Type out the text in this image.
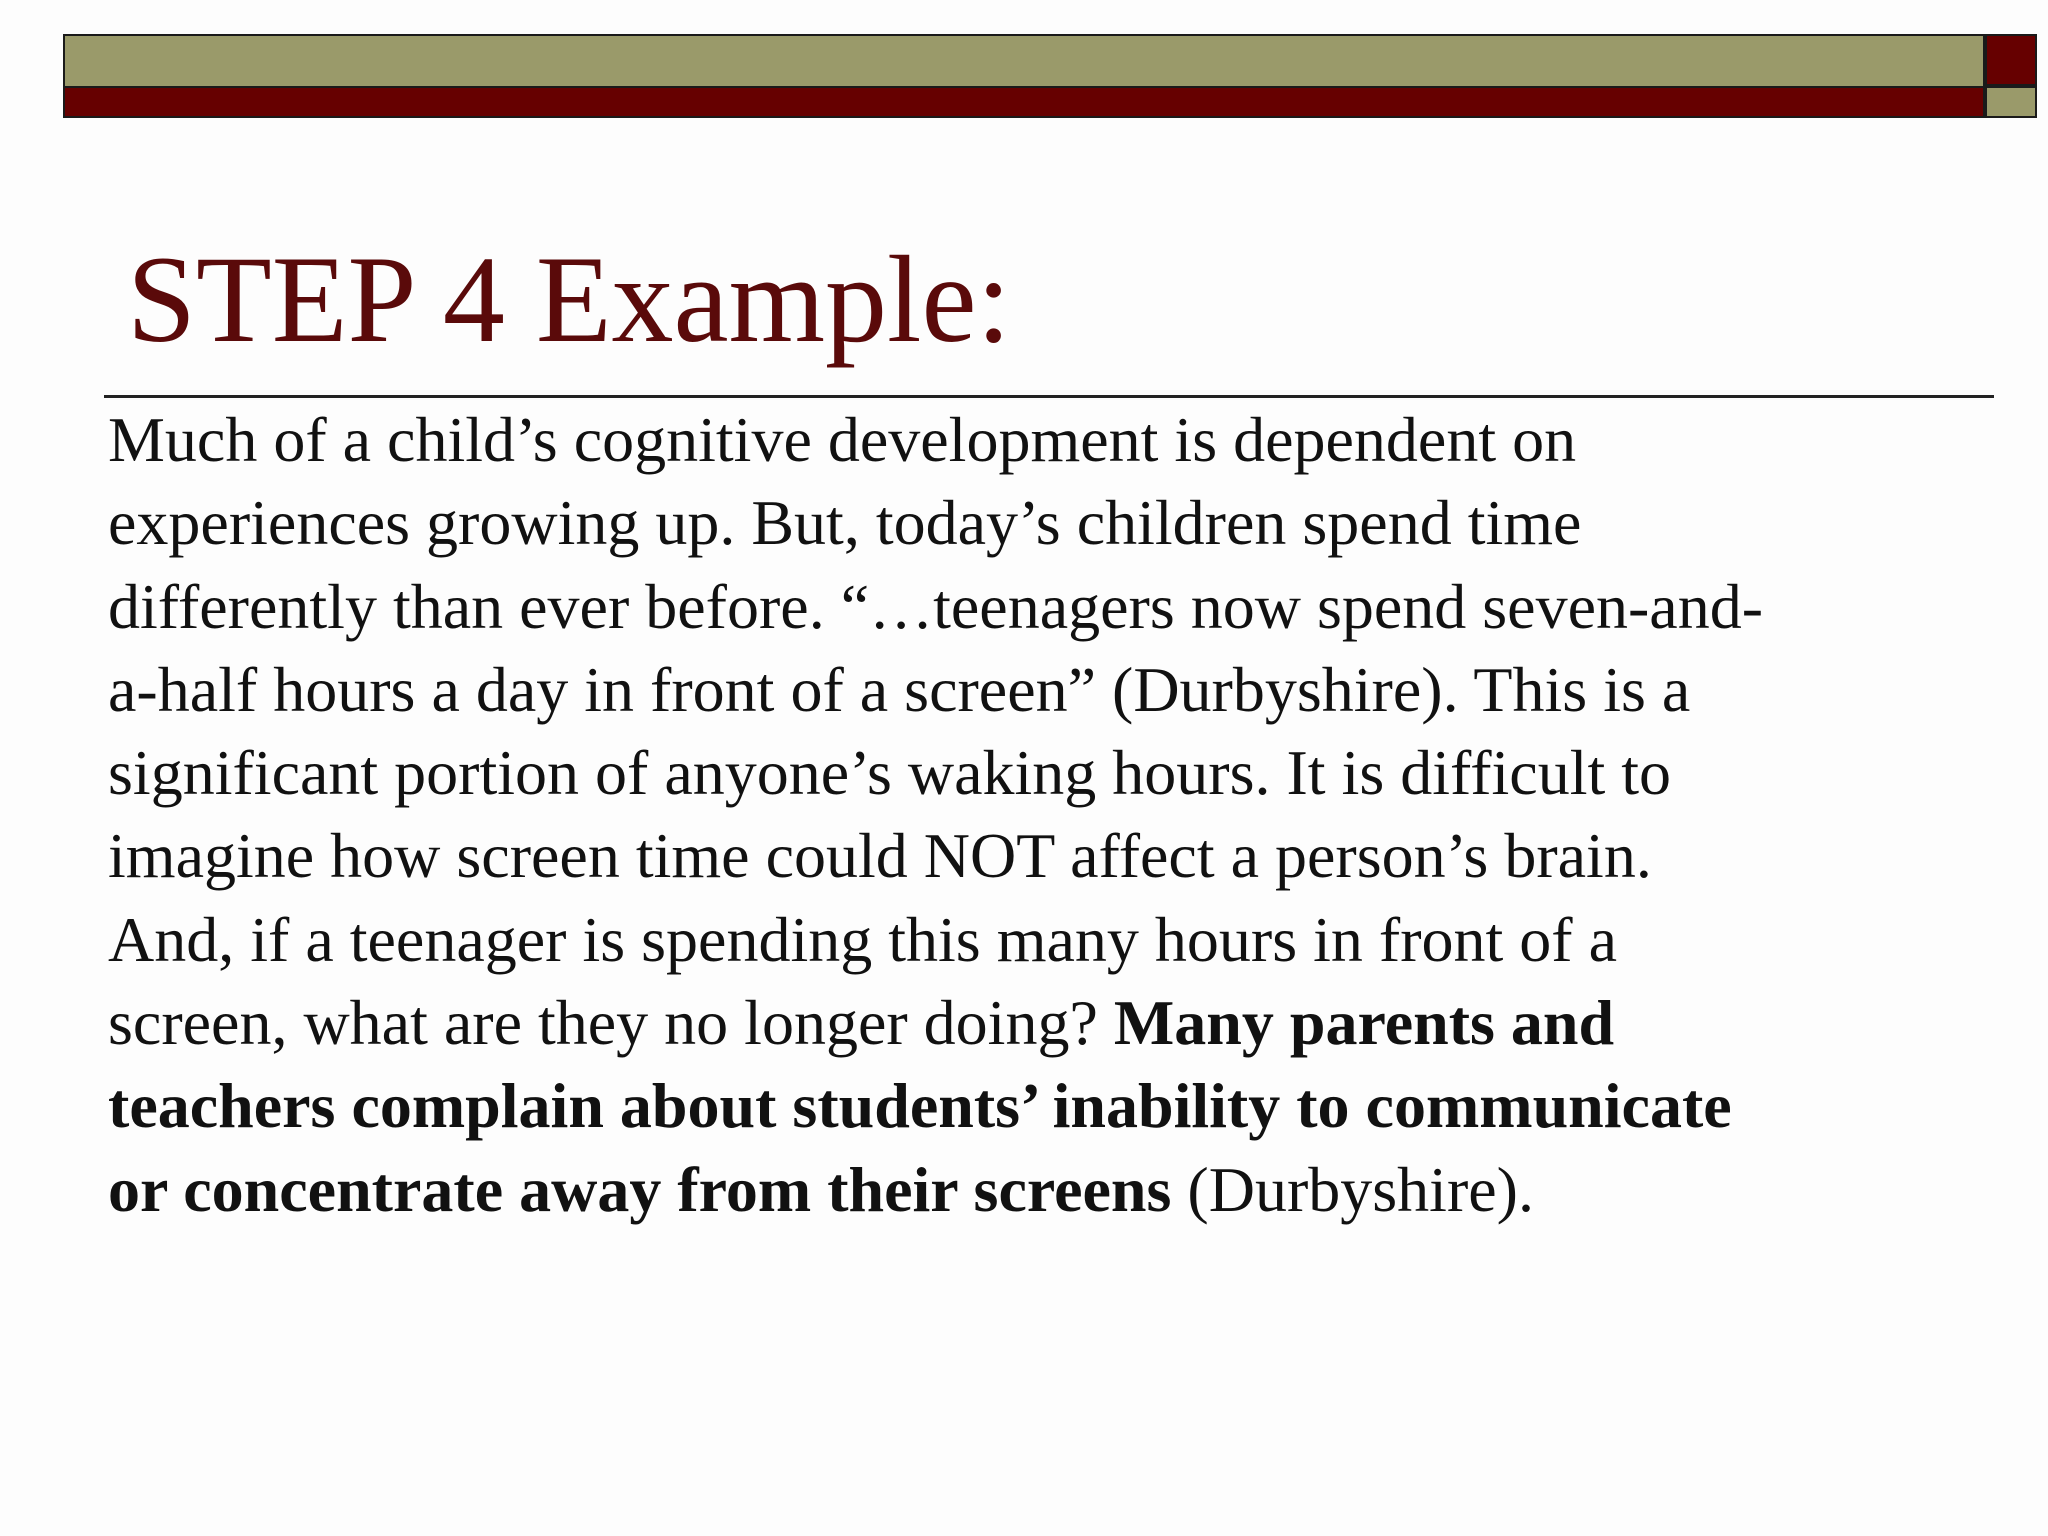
STEP 4 Example:

Much of a child’s cognitive development is dependent on
experiences growing up. But, today’s children spend time
differently than ever before. “…teenagers now spend seven-and-
a-half hours a day in front of a screen” (Durbyshire). This is a
significant portion of anyone’s waking hours. It is difficult to
imagine how screen time could NOT affect a person’s brain.
And, if a teenager is spending this many hours in front of a
screen, what are they no longer doing? Many parents and
teachers complain about students’ inability to communicate
or concentrate away from their screens (Durbyshire).
